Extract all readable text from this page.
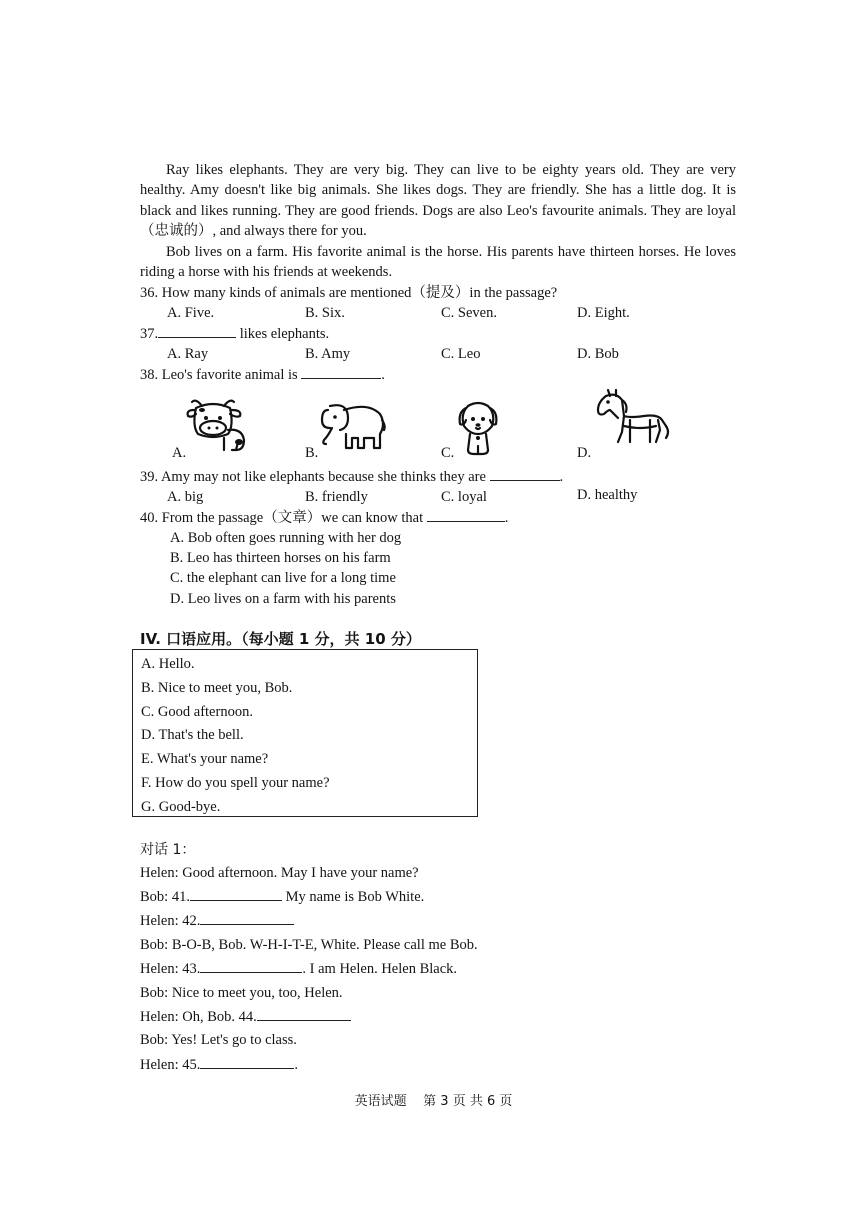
Ray likes elephants. They are very big. They can live to be eighty years old. They are very healthy. Amy doesn't like big animals. She likes dogs. They are friendly. She has a little dog. It is black and likes running. They are good friends. Dogs are also Leo's favourite animals. They are loyal（忠诚的）, and always there for you.

Bob lives on a farm. His favorite animal is the horse. His parents have thirteen horses. He loves riding a horse with his friends at weekends.

36. How many kinds of animals are mentioned（提及）in the passage?
A. Five.	B. Six.	C. Seven.	D. Eight.
37.	likes elephants.
A. Ray	B. Amy	C. Leo	D. Bob
38. Leo's favorite animal is	.
A.	B.	C.	D.
39. Amy may not like elephants because she thinks they are	.
A. big	B. friendly	C. loyal	D. healthy
40. From the passage（文章）we can know that	.
A. Bob often goes running with her dog
B. Leo has thirteen horses on his farm
C. the elephant can live for a long time
D. Leo lives on a farm with his parents
IV. 口语应用。（每小题 1 分，共 10 分）
A. Hello.
B. Nice to meet you, Bob.
C. Good afternoon.
D. That's the bell.
E. What's your name?
F. How do you spell your name?
G. Good-bye.
对话 1：
Helen: Good afternoon. May I have your name?
Bob: 41.	My name is Bob White.
Helen: 42.
Bob: B-O-B, Bob. W-H-I-T-E, White. Please call me Bob.
Helen: 43.	. I am Helen. Helen Black.
Bob: Nice to meet you, too, Helen.
Helen: Oh, Bob. 44.
Bob: Yes! Let's go to class.
Helen: 45.	.
英语试题    第 3 页 共 6 页
